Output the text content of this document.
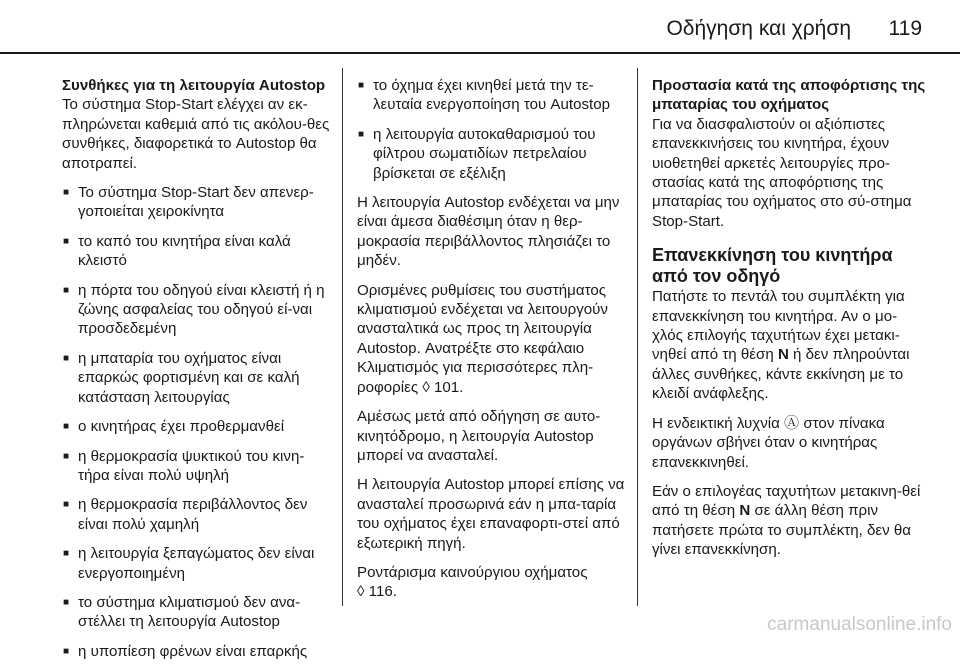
Οδήγηση και χρήση 119
Συνθήκες για τη λειτουργία Autostop

Το σύστημα Stop-Start ελέγχει αν εκ-πληρώνεται καθεμιά από τις ακόλου-θες συνθήκες, διαφορετικά το Autostop θα αποτραπεί.

■ Το σύστημα Stop-Start δεν απενερ-γοποιείται χειροκίνητα
■ το καπό του κινητήρα είναι καλά κλειστό
■ η πόρτα του οδηγού είναι κλειστή ή η ζώνης ασφαλείας του οδηγού εί-ναι προσδεδεμένη
■ η μπαταρία του οχήματος είναι επαρκώς φορτισμένη και σε καλή κατάσταση λειτουργίας
■ ο κινητήρας έχει προθερμανθεί
■ η θερμοκρασία ψυκτικού του κινη-τήρα είναι πολύ υψηλή
■ η θερμοκρασία περιβάλλοντος δεν είναι πολύ χαμηλή
■ η λειτουργία ξεπαγώματος δεν είναι ενεργοποιημένη
■ το σύστημα κλιματισμού δεν ανα-στέλλει τη λειτουργία Autostop
■ η υποπίεση φρένων είναι επαρκής
■ το όχημα έχει κινηθεί μετά την τε-λευταία ενεργοποίηση του Autostop
■ η λειτουργία αυτοκαθαρισμού του φίλτρου σωματιδίων πετρελαίου βρίσκεται σε εξέλιξη

Η λειτουργία Autostop ενδέχεται να μην είναι άμεσα διαθέσιμη όταν η θερ-μοκρασία περιβάλλοντος πλησιάζει το μηδέν.

Ορισμένες ρυθμίσεις του συστήματος κλιματισμού ενδέχεται να λειτουργούν ανασταλτικά ως προς τη λειτουργία Autostop. Ανατρέξτε στο κεφάλαιο Κλιματισμός για περισσότερες πλη-ροφορίες ◊ 101.

Αμέσως μετά από οδήγηση σε αυτο-κινητόδρομο, η λειτουργία Autostop μπορεί να ανασταλεί.

Η λειτουργία Autostop μπορεί επίσης να ανασταλεί προσωρινά εάν η μπα-ταρία του οχήματος έχει επαναφορτι-στεί από εξωτερική πηγή.

Ροντάρισμα καινούργιου οχήματος
◊ 116.

Προστασία κατά της αποφόρτισης της μπαταρίας του οχήματος

Για να διασφαλιστούν οι αξιόπιστες επανεκκινήσεις του κινητήρα, έχουν υιοθετηθεί αρκετές λειτουργίες προ-στασίας κατά της αποφόρτισης της μπαταρίας του οχήματος στο σύ-στημα Stop-Start.

Επανεκκίνηση του κινητήρα από τον οδηγό

Πατήστε το πεντάλ του συμπλέκτη για επανεκκίνηση του κινητήρα. Αν ο μο-χλός επιλογής ταχυτήτων έχει μετακι-νηθεί από τη θέση N ή δεν πληρούνται άλλες συνθήκες, κάντε εκκίνηση με το κλειδί ανάφλεξης.

Η ενδεικτική λυχνία Ⓐ στον πίνακα οργάνων σβήνει όταν ο κινητήρας επανεκκινηθεί.

Εάν ο επιλογέας ταχυτήτων μετακινη-θεί από τη θέση N σε άλλη θέση πριν πατήσετε πρώτα το συμπλέκτη, δεν θα γίνει επανεκκίνηση.

carmanualsonline.info
